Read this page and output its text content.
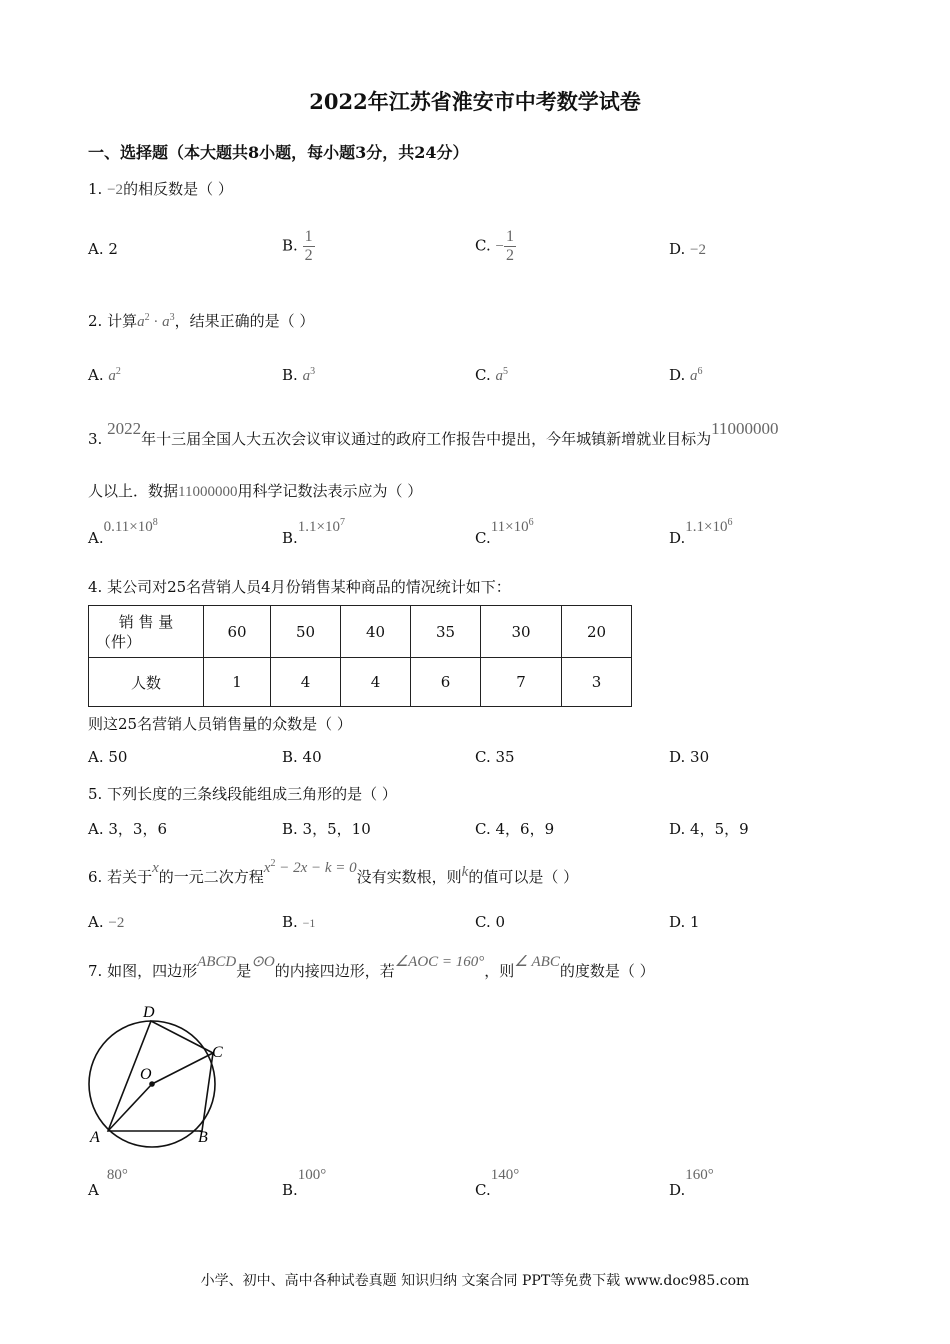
2022年江苏省淮安市中考数学试卷
一、选择题（本大题共8小题，每小题3分，共24分）
1. −2的相反数是（ ）
A. 2	B. $\frac{1}{2}$	C. − $\frac{1}{2}$	D. −2
2. 计算$a^2 \cdot a^3$，结果正确的是（ ）
A. $a^2$	B. $a^3$	C. $a^5$	D. $a^6$
3. 2022年十三届全国人大五次会议审议通过的政府工作报告中提出，今年城镇新增就业目标为11000000
人以上．数据11000000用科学记数法表示应为（ ）
$A.0.11\times 10^8$
$B.1.1\times 10^7$
$C.11\times 10^6$
$D.1.1\times 10^6$
4. 某公司对25名营销人员4月份销售某种商品的情况统计如下：
销 售 量
（件）	60	50	40	35	30	20
人数	1	4	4	6	7	3
则这25名营销人员销售量的众数是（ ）
A. 50	B. 40	C. 35	D. 30
5. 下列长度的三条线段能组成三角形的是（ ）
A. 3，3，6	B. 3，5，10	C. 4，6，9	D. 4，5，9
6. 若关于x的一元二次方程$x^2 - 2x - k = 0$没有实数根，则k的值可以是（ ）
A. −2	B. −1	C. 0	D. 1
7. 如图，四边形ABCD是⊙O的内接四边形，若∠AOC = 160°，则∠ ABC的度数是（ ）
A	B
C
D
O
A80°
B.100°
C.140°
D.160°
小学、初中、高中各种试卷真题 知识归纳 文案合同 PPT等免费下载 www.doc985.com
